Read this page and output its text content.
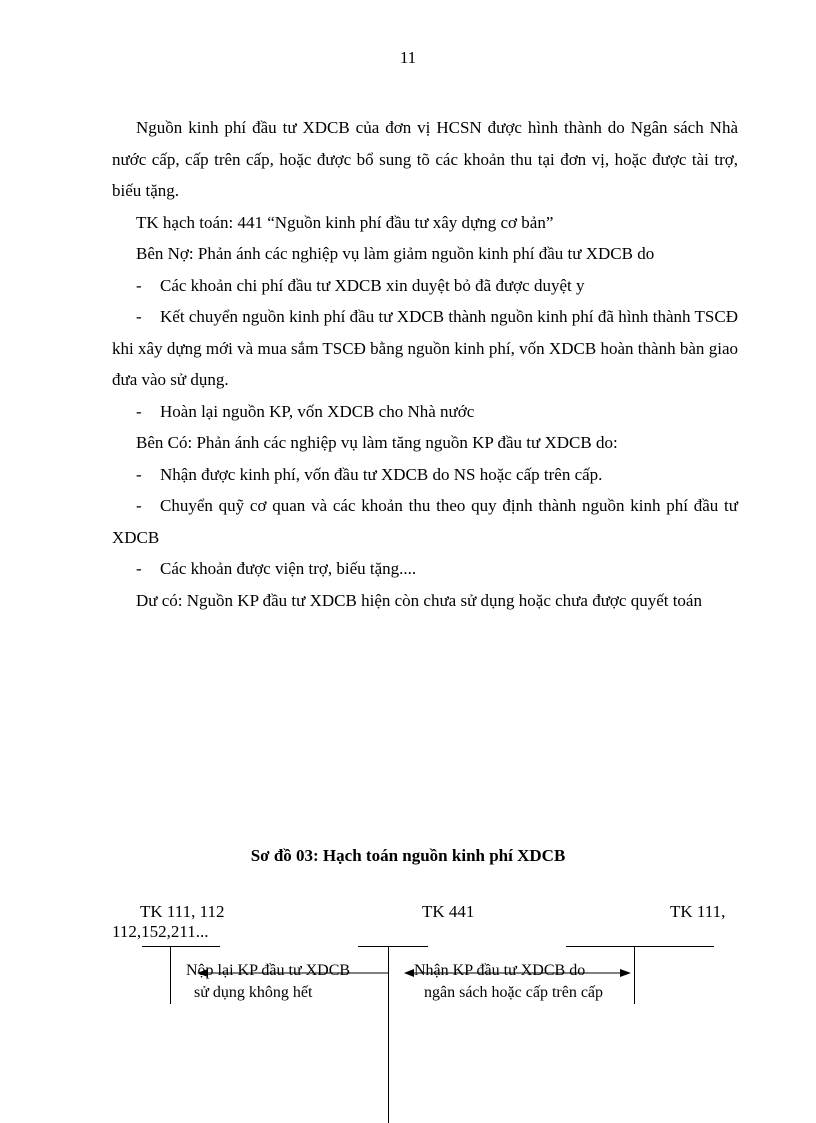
11

Nguồn kinh phí đầu tư XDCB của đơn vị HCSN được hình thành do Ngân sách Nhà nước cấp, cấp trên cấp, hoặc được bổ sung tõ các khoản thu tại đơn vị, hoặc được tài trợ, biếu tặng.

TK hạch toán: 441 “Nguồn kinh phí đầu tư xây dựng cơ bản”

Bên Nợ: Phản ánh các nghiệp vụ làm giảm nguồn kinh phí đầu tư XDCB do

- Các khoản chi phí đầu tư XDCB xin duyệt bỏ đã được duyệt y

- Kết chuyển nguồn kinh phí đầu tư XDCB thành nguồn kinh phí đã hình thành TSCĐ khi xây dựng mới và mua sắm TSCĐ bằng nguồn kinh phí, vốn XDCB hoàn thành bàn giao đưa vào sử dụng.

- Hoàn lại nguồn KP, vốn XDCB cho Nhà nước

Bên Có: Phản ánh các nghiệp vụ làm tăng nguồn KP đầu tư XDCB do:

- Nhận được kinh phí, vốn đầu tư XDCB do NS hoặc cấp trên cấp.

- Chuyển quỹ cơ quan và các khoản thu theo quy định thành nguồn kinh phí đầu tư XDCB

- Các khoản được viện trợ, biếu tặng....

Dư có: Nguồn KP đầu tư XDCB hiện còn chưa sử dụng hoặc chưa được quyết toán

Sơ đồ 03: Hạch toán nguồn kinh phí XDCB
TK 111, 112
112,152,211...
TK 441	TK 111,
Nộp lại KP đầu tư XDCB
sử dụng không hết
Nhận KP đầu tư XDCB do
ngân sách hoặc cấp trên cấp
